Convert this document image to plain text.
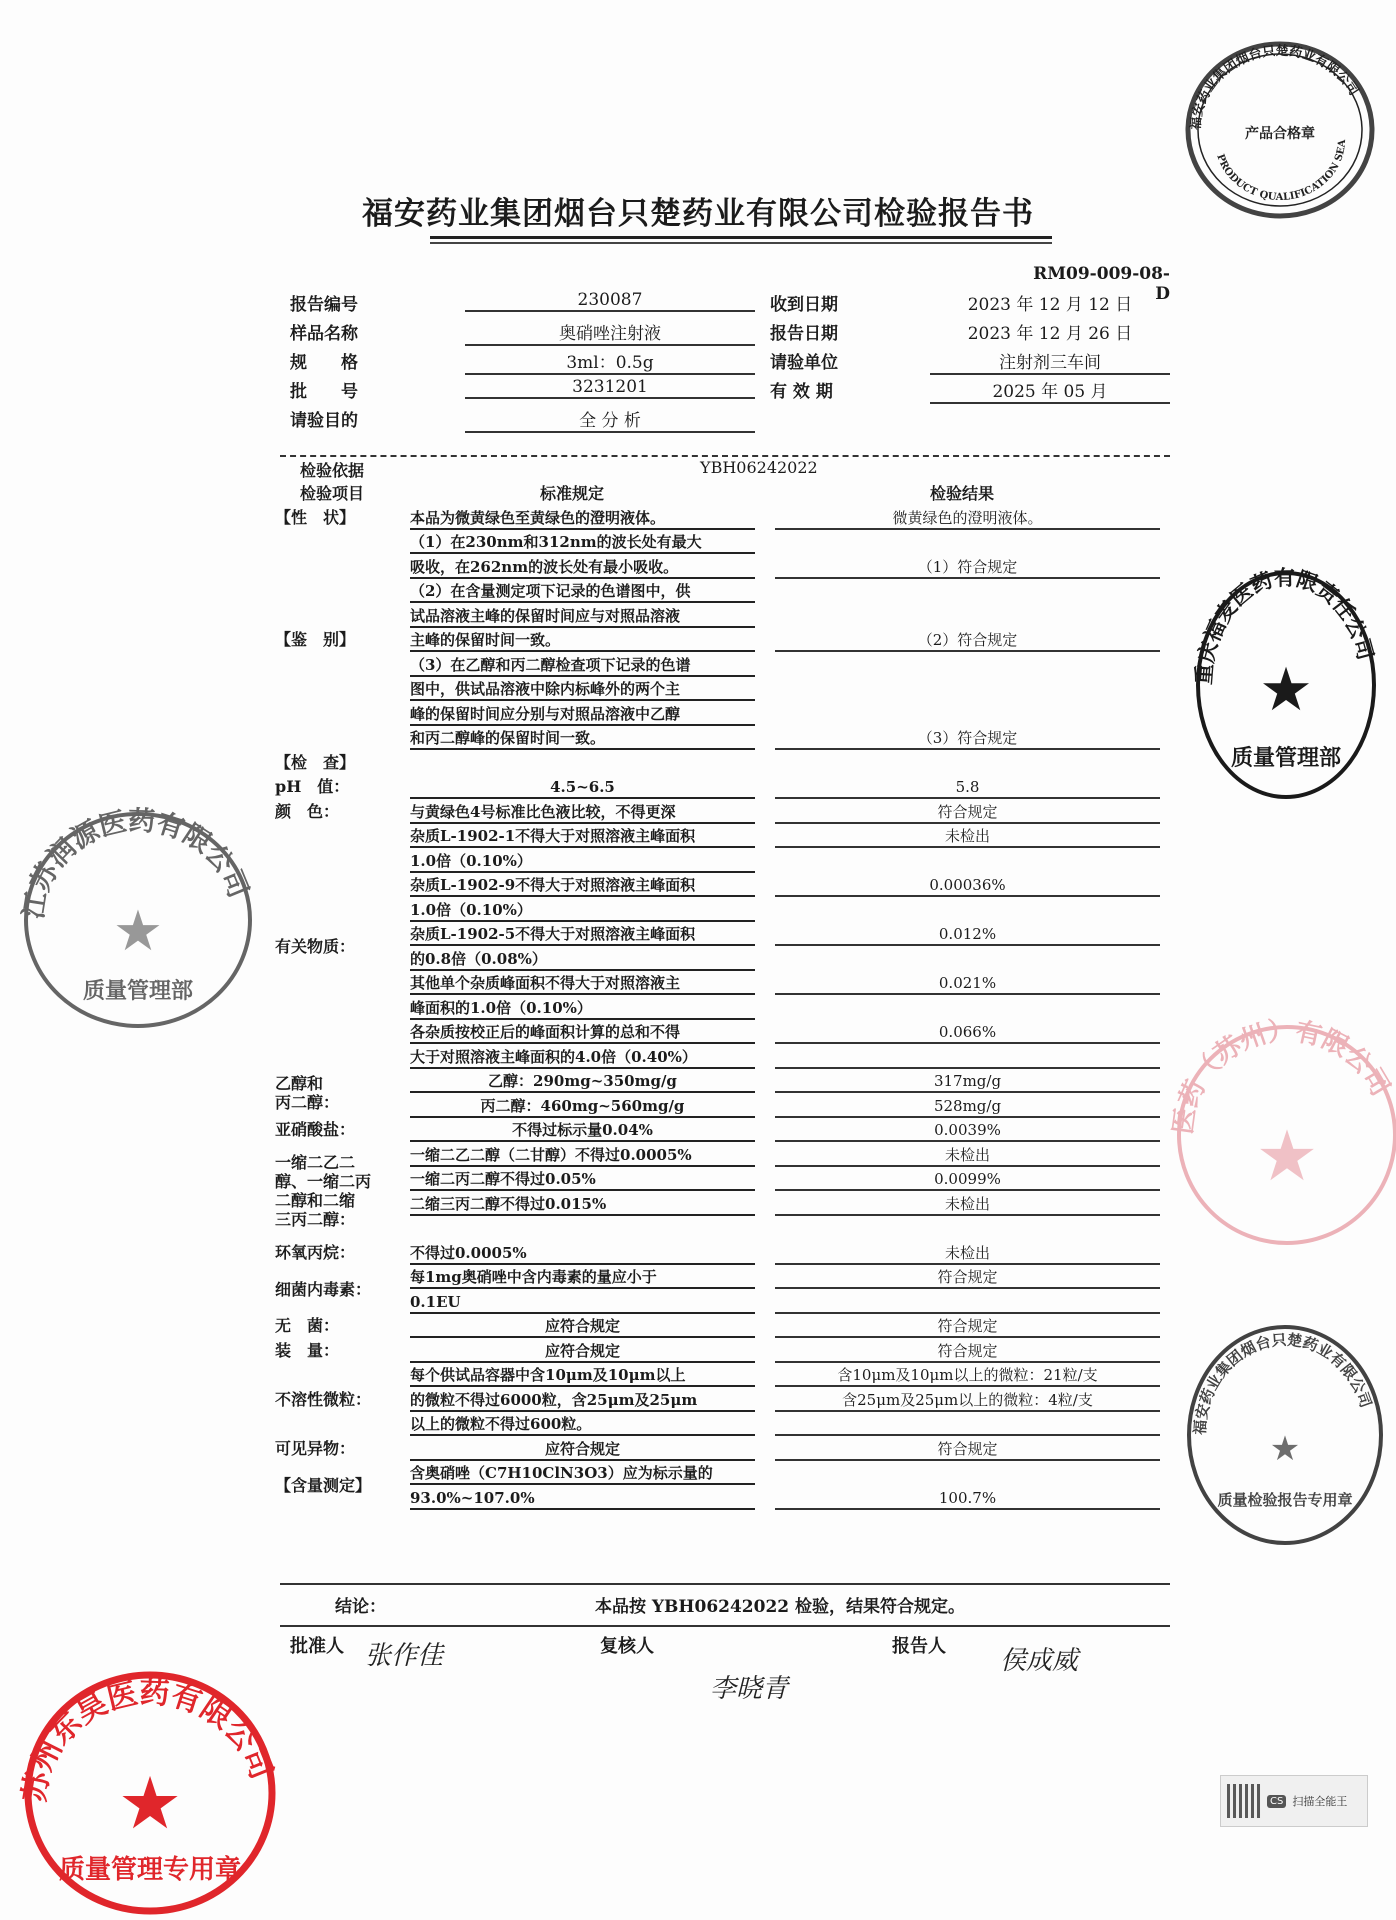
福安药业集团烟台只楚药业有限公司检验报告书
RM09-009-08-D
报告编号	230087	收到日期	2023 年 12 月 12 日
样品名称	奥硝唑注射液	报告日期	2023 年 12 月 26 日
规　　格	3ml：0.5g	请验单位	注射剂三车间
批　　号	3231201	有 效 期	2025 年 05 月
请验目的	全 分 析
检验依据	YBH06242022
检验项目	标准规定	检验结果
【性　状】	本品为微黄绿色至黄绿色的澄明液体。	微黄绿色的澄明液体。
【鉴　别】
（1）在230nm和312nm的波长处有最大
吸收，在262nm的波长处有最小吸收。	（1）符合规定
（2）在含量测定项下记录的色谱图中，供
试品溶液主峰的保留时间应与对照品溶液
主峰的保留时间一致。	（2）符合规定
（3）在乙醇和丙二醇检查项下记录的色谱
图中，供试品溶液中除内标峰外的两个主
峰的保留时间应分别与对照品溶液中乙醇
和丙二醇峰的保留时间一致。	（3）符合规定
【检　查】
pH　值：	4.5~6.5	5.8
颜　色：	与黄绿色4号标准比色液比较，不得更深	符合规定
有关物质：
杂质L-1902-1不得大于对照溶液主峰面积	未检出
1.0倍（0.10%）
杂质L-1902-9不得大于对照溶液主峰面积	0.00036%
1.0倍（0.10%）
杂质L-1902-5不得大于对照溶液主峰面积	0.012%
的0.8倍（0.08%）
其他单个杂质峰面积不得大于对照溶液主	0.021%
峰面积的1.0倍（0.10%）
各杂质按校正后的峰面积计算的总和不得	0.066%
大于对照溶液主峰面积的4.0倍（0.40%）
乙醇和
丙二醇：
乙醇：290mg~350mg/g	317mg/g
丙二醇：460mg~560mg/g	528mg/g
亚硝酸盐：	不得过标示量0.04%	0.0039%
一缩二乙二
醇、一缩二丙
二醇和二缩
三丙二醇：
一缩二乙二醇（二甘醇）不得过0.0005%	未检出
一缩二丙二醇不得过0.05%	0.0099%
二缩三丙二醇不得过0.015%	未检出
环氧丙烷：	不得过0.0005%	未检出
细菌内毒素：
每1mg奥硝唑中含内毒素的量应小于	符合规定
0.1EU
无　菌：	应符合规定	符合规定
装　量：	应符合规定	符合规定
不溶性微粒：
每个供试品容器中含10μm及10μm以上	含10μm及10μm以上的微粒：21粒/支
的微粒不得过6000粒，含25μm及25μm	含25μm及25μm以上的微粒：4粒/支
以上的微粒不得过600粒。
可见异物：	应符合规定	符合规定
【含量测定】
含奥硝唑（C7H10ClN3O3）应为标示量的
93.0%~107.0%	100.7%
结论：	本品按 YBH06242022 检验，结果符合规定。
批准人 张作佳	复核人
李晓青
报告人 侯成威
福安药业集团烟台只楚药业有限公司
产品合格章
PRODUCT QUALIFICATION SEAL
重庆福麦医药有限责任公司
★
质量管理部
江苏润源医药有限公司
★
质量管理部
医药（苏州）有限公司
★
福安药业集团烟台只楚药业有限公司
★
质量检验报告专用章
苏州东昊医药有限公司
★
质量管理专用章
CS 扫描全能王
